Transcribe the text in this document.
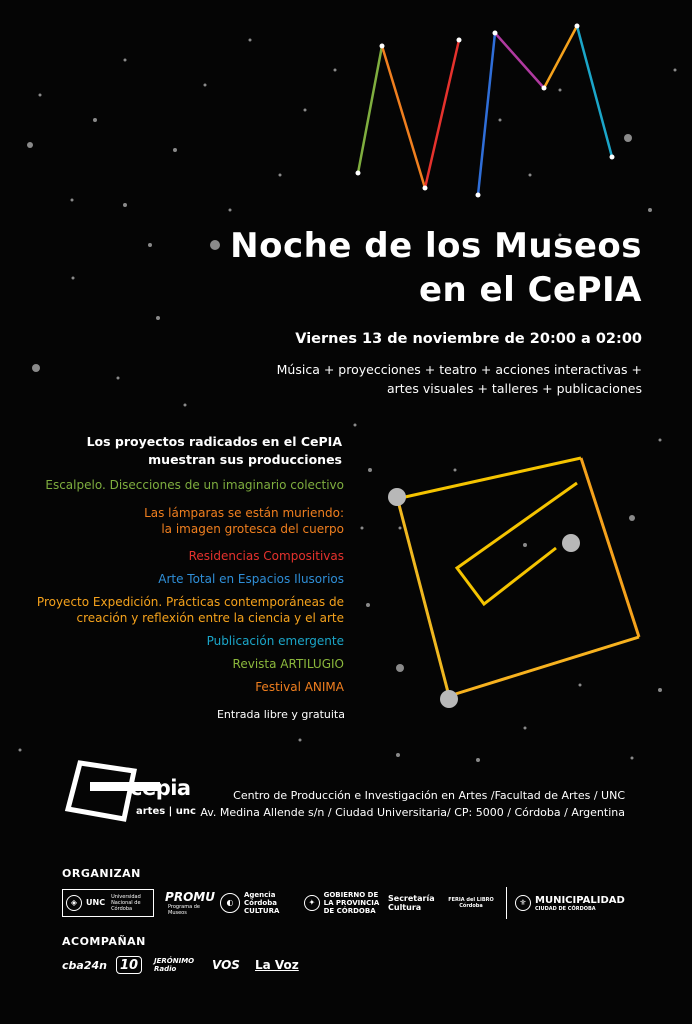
Noche de los Museos
en el CePIA

Viernes 13 de noviembre de 20:00 a 02:00

Música + proyecciones + teatro + acciones interactivas +
artes visuales + talleres + publicaciones

Los proyectos radicados en el CePIA
muestran sus producciones

Escalpelo. Disecciones de un imaginario colectivo
Las lámparas se están muriendo:
la imagen grotesca del cuerpo
Residencias Compositivas
Arte Total en Espacios Ilusorios
Proyecto Expedición. Prácticas contemporáneas de
creación y reflexión entre la ciencia y el arte
Publicación emergente
Revista ARTILUGIO
Festival ANIMA

Entrada libre y gratuita

cepia
artes | unc

Centro de Producción e Investigación en Artes /Facultad de Artes / UNC
Av. Medina Allende s/n / Ciudad Universitaria/ CP: 5000 / Córdoba / Argentina

ORGANIZAN
◈	UNC
Universidad Nacional de Córdoba
PROMU
Programa de Museos
◐
Agencia Córdoba CULTURA
✦
GOBIERNO DE LA PROVINCIA DE CÓRDOBA
Secretaría Cultura
FERIA del LIBRO Córdoba	⚜ MUNICIPALIDAD
CIUDAD DE CÓRDOBA
ACOMPAÑAN
cba24n	10	JERÓNIMO Radio	VOS La Voz
